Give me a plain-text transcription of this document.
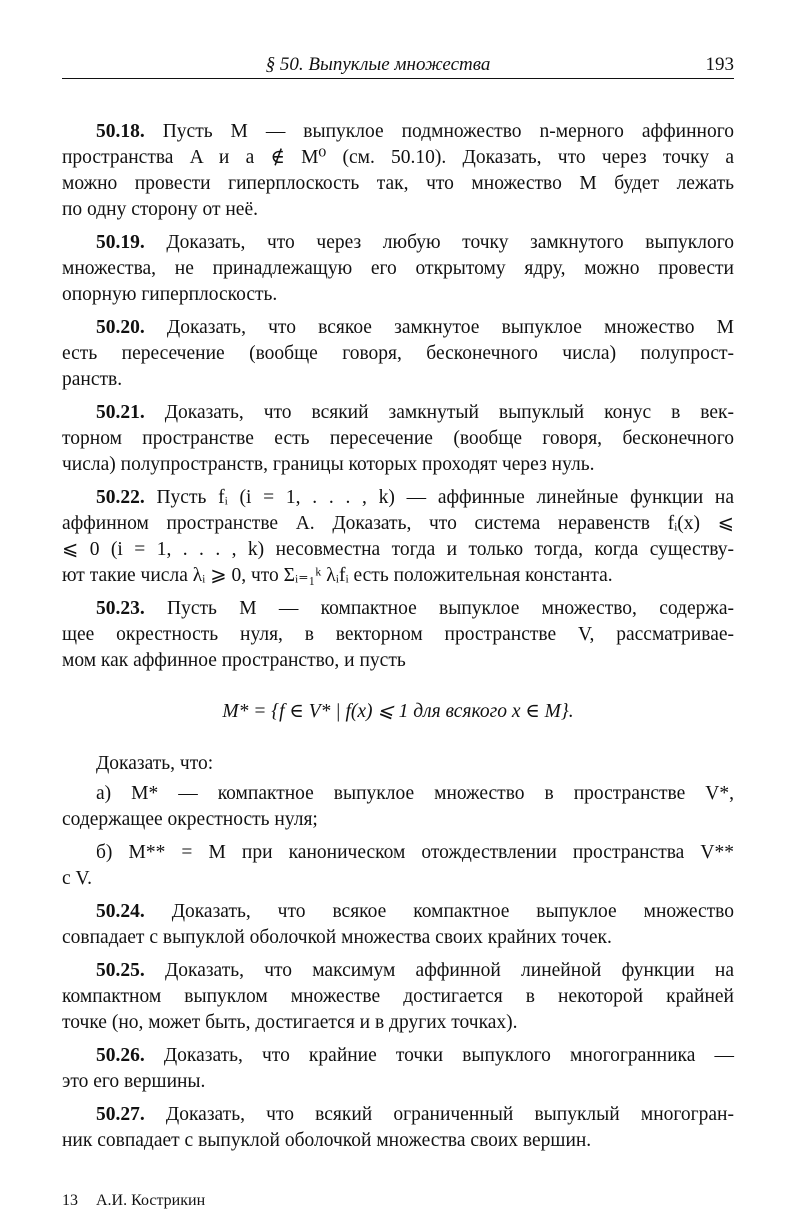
§ 50. Выпуклые множества	193
50.18. Пусть M — выпуклое подмножество n-мерного аффинного
пространства A и a ∉ M⁰ (см. 50.10). Доказать, что через точку a
можно провести гиперплоскость так, что множество M будет лежать
по одну сторону от неё.
50.19. Доказать, что через любую точку замкнутого выпуклого
множества, не принадлежащую его открытому ядру, можно провести
опорную гиперплоскость.
50.20. Доказать, что всякое замкнутое выпуклое множество M
есть пересечение (вообще говоря, бесконечного числа) полупрост-
ранств.
50.21. Доказать, что всякий замкнутый выпуклый конус в век-
торном пространстве есть пересечение (вообще говоря, бесконечного
числа) полупространств, границы которых проходят через нуль.
50.22. Пусть fᵢ (i = 1, . . . , k) — аффинные линейные функции на
аффинном пространстве A. Доказать, что система неравенств fᵢ(x) ⩽
⩽ 0 (i = 1, . . . , k) несовместна тогда и только тогда, когда существу-
ют такие числа λᵢ ⩾ 0, что Σᵢ₌₁ᵏ λᵢfᵢ есть положительная константа.
50.23. Пусть M — компактное выпуклое множество, содержа-
щее окрестность нуля, в векторном пространстве V, рассматривае-
мом как аффинное пространство, и пусть
M* = {f ∈ V* | f(x) ⩽ 1 для всякого x ∈ M}.
Доказать, что:
а) M* — компактное выпуклое множество в пространстве V*,
содержащее окрестность нуля;
б) M** = M при каноническом отождествлении пространства V**
с V.
50.24. Доказать, что всякое компактное выпуклое множество
совпадает с выпуклой оболочкой множества своих крайних точек.
50.25. Доказать, что максимум аффинной линейной функции на
компактном выпуклом множестве достигается в некоторой крайней
точке (но, может быть, достигается и в других точках).
50.26. Доказать, что крайние точки выпуклого многогранника —
это его вершины.
50.27. Доказать, что всякий ограниченный выпуклый многогран-
ник совпадает с выпуклой оболочкой множества своих вершин.
13 А.И. Кострикин
